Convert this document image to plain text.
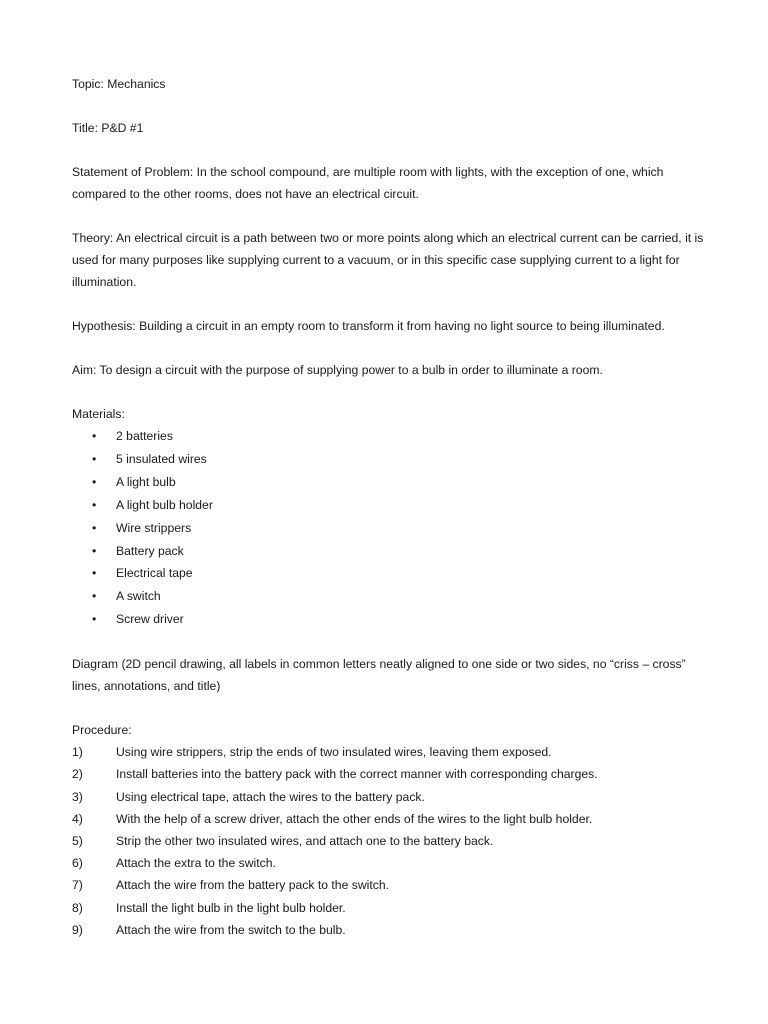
Topic: Mechanics

Title: P&D #1

Statement of Problem: In the school compound, are multiple room with lights, with the exception of one, which compared to the other rooms, does not have an electrical circuit.

Theory: An electrical circuit is a path between two or more points along which an electrical current can be carried, it is used for many purposes like supplying current to a vacuum, or in this specific case supplying current to a light for illumination.

Hypothesis: Building a circuit in an empty room to transform it from having no light source to being illuminated.

Aim: To design a circuit with the purpose of supplying power to a bulb in order to illuminate a room.

Materials:

• 2 batteries
• 5 insulated wires
• A light bulb
• A light bulb holder
• Wire strippers
• Battery pack
• Electrical tape
• A switch
• Screw driver

Diagram (2D pencil drawing, all labels in common letters neatly aligned to one side or two sides, no “criss – cross” lines, annotations, and title)

Procedure:

1)	Using wire strippers, strip the ends of two insulated wires, leaving them exposed.
2)	Install batteries into the battery pack with the correct manner with corresponding charges.
3)	Using electrical tape, attach the wires to the battery pack.
4)	With the help of a screw driver, attach the other ends of the wires to the light bulb holder.
5)	Strip the other two insulated wires, and attach one to the battery back.
6)	Attach the extra to the switch.
7)	Attach the wire from the battery pack to the switch.
8)	Install the light bulb in the light bulb holder.
9)	Attach the wire from the switch to the bulb.
